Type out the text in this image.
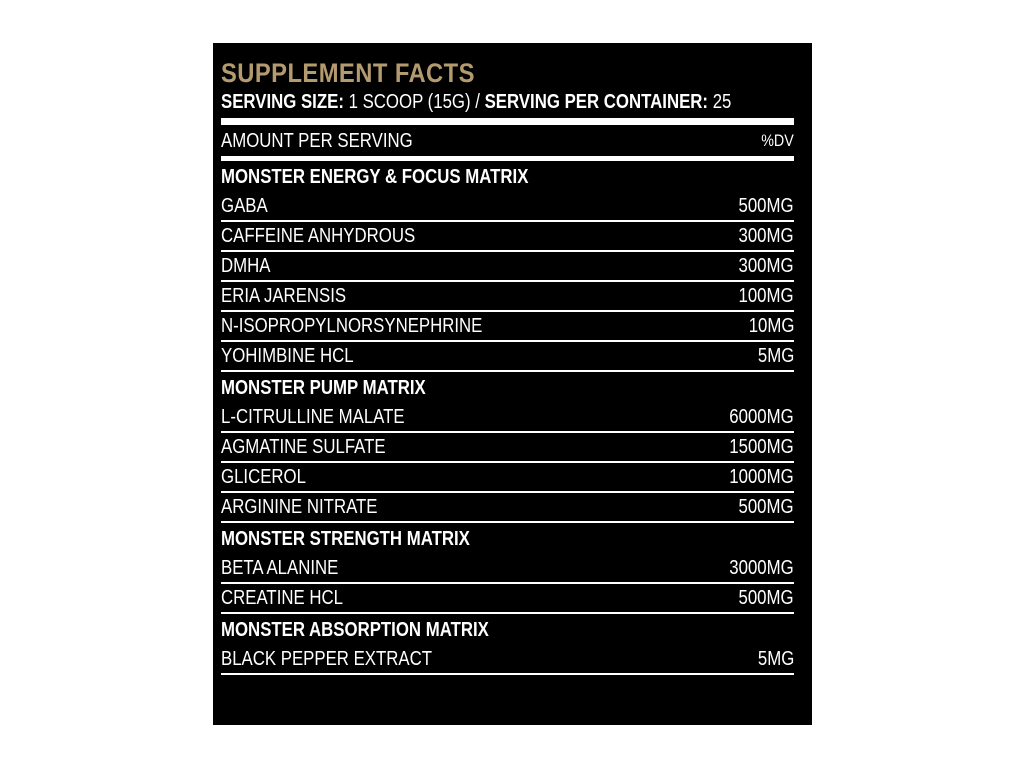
SUPPLEMENT FACTS
SERVING SIZE: 1 SCOOP (15G) / SERVING PER CONTAINER: 25
AMOUNT PER SERVING	%DV
MONSTER ENERGY & FOCUS MATRIX
GABA	500MG
CAFFEINE ANHYDROUS	300MG
DMHA	300MG
ERIA JARENSIS	100MG
N-ISOPROPYLNORSYNEPHRINE	10MG
YOHIMBINE HCL	5MG
MONSTER PUMP MATRIX
L-CITRULLINE MALATE	6000MG
AGMATINE SULFATE	1500MG
GLICEROL	1000MG
ARGININE NITRATE	500MG
MONSTER STRENGTH MATRIX
BETA ALANINE	3000MG
CREATINE HCL	500MG
MONSTER ABSORPTION MATRIX
BLACK PEPPER EXTRACT	5MG
